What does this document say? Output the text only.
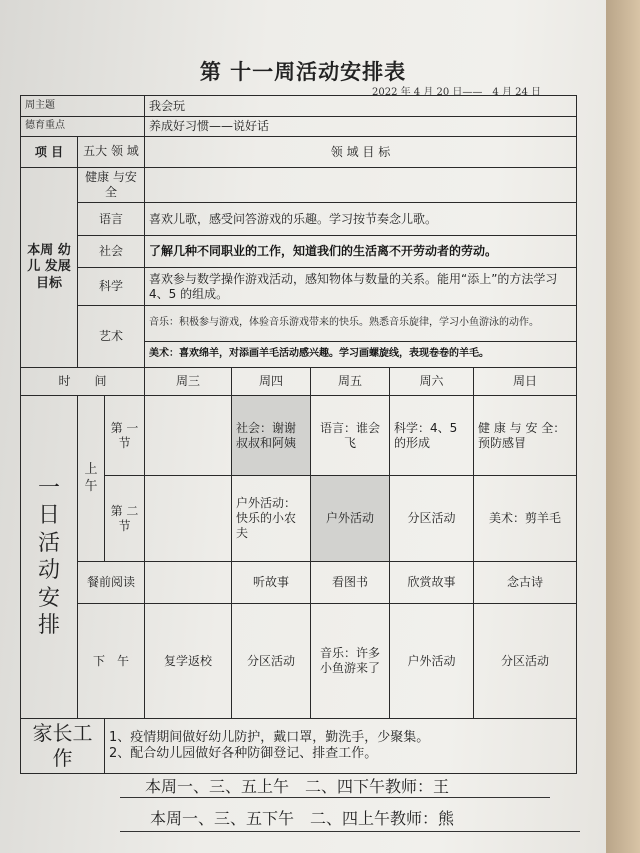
第 十一周活动安排表
2022 年 4 月 20 日——　4 月 24 日
周主题			我会玩				
德育重点			养成好习惯——说好话				
项 目	五大 领 域		领 域 目 标				
本周 幼儿 发展 目标	健康 与安全						
	语言		喜欢儿歌，感受问答游戏的乐趣。学习按节奏念儿歌。				
	社会		了解几种不同职业的工作，知道我们的生活离不开劳动者的劳动。				
	科学		喜欢参与数学操作游戏活动，感知物体与数量的关系。能用“添上”的方法学习 4、5 的组成。				
	艺术		音乐：积极参与游戏，体验音乐游戏带来的快乐。熟悉音乐旋律，学习小鱼游泳的动作。				
			美术：喜欢绵羊，对添画羊毛活动感兴趣。学习画螺旋线，表现卷卷的羊毛。				
时　　间			周三	周四	周五	周六	周日
一 日 活 动 安 排	上 午	第 一 节		社会：谢谢叔叔和阿姨	语言：谁会飞	科学：4、5 的形成	健 康 与 安 全：预防感冒
		第 二 节		户外活动：快乐的小农夫	户外活动	分区活动	美术：剪羊毛
	餐前阅读			听故事	看图书	欣赏故事	念古诗
	下　午		复学返校	分区活动	音乐：许多小鱼游来了	户外活动	分区活动
家长工作		1、疫情期间做好幼儿防护，戴口罩，勤洗手，少聚集。
2、配合幼儿园做好各种防御登记、排查工作。					
本周一、三、五上午　二、四下午教师：王
本周一、三、五下午　二、四上午教师：熊
